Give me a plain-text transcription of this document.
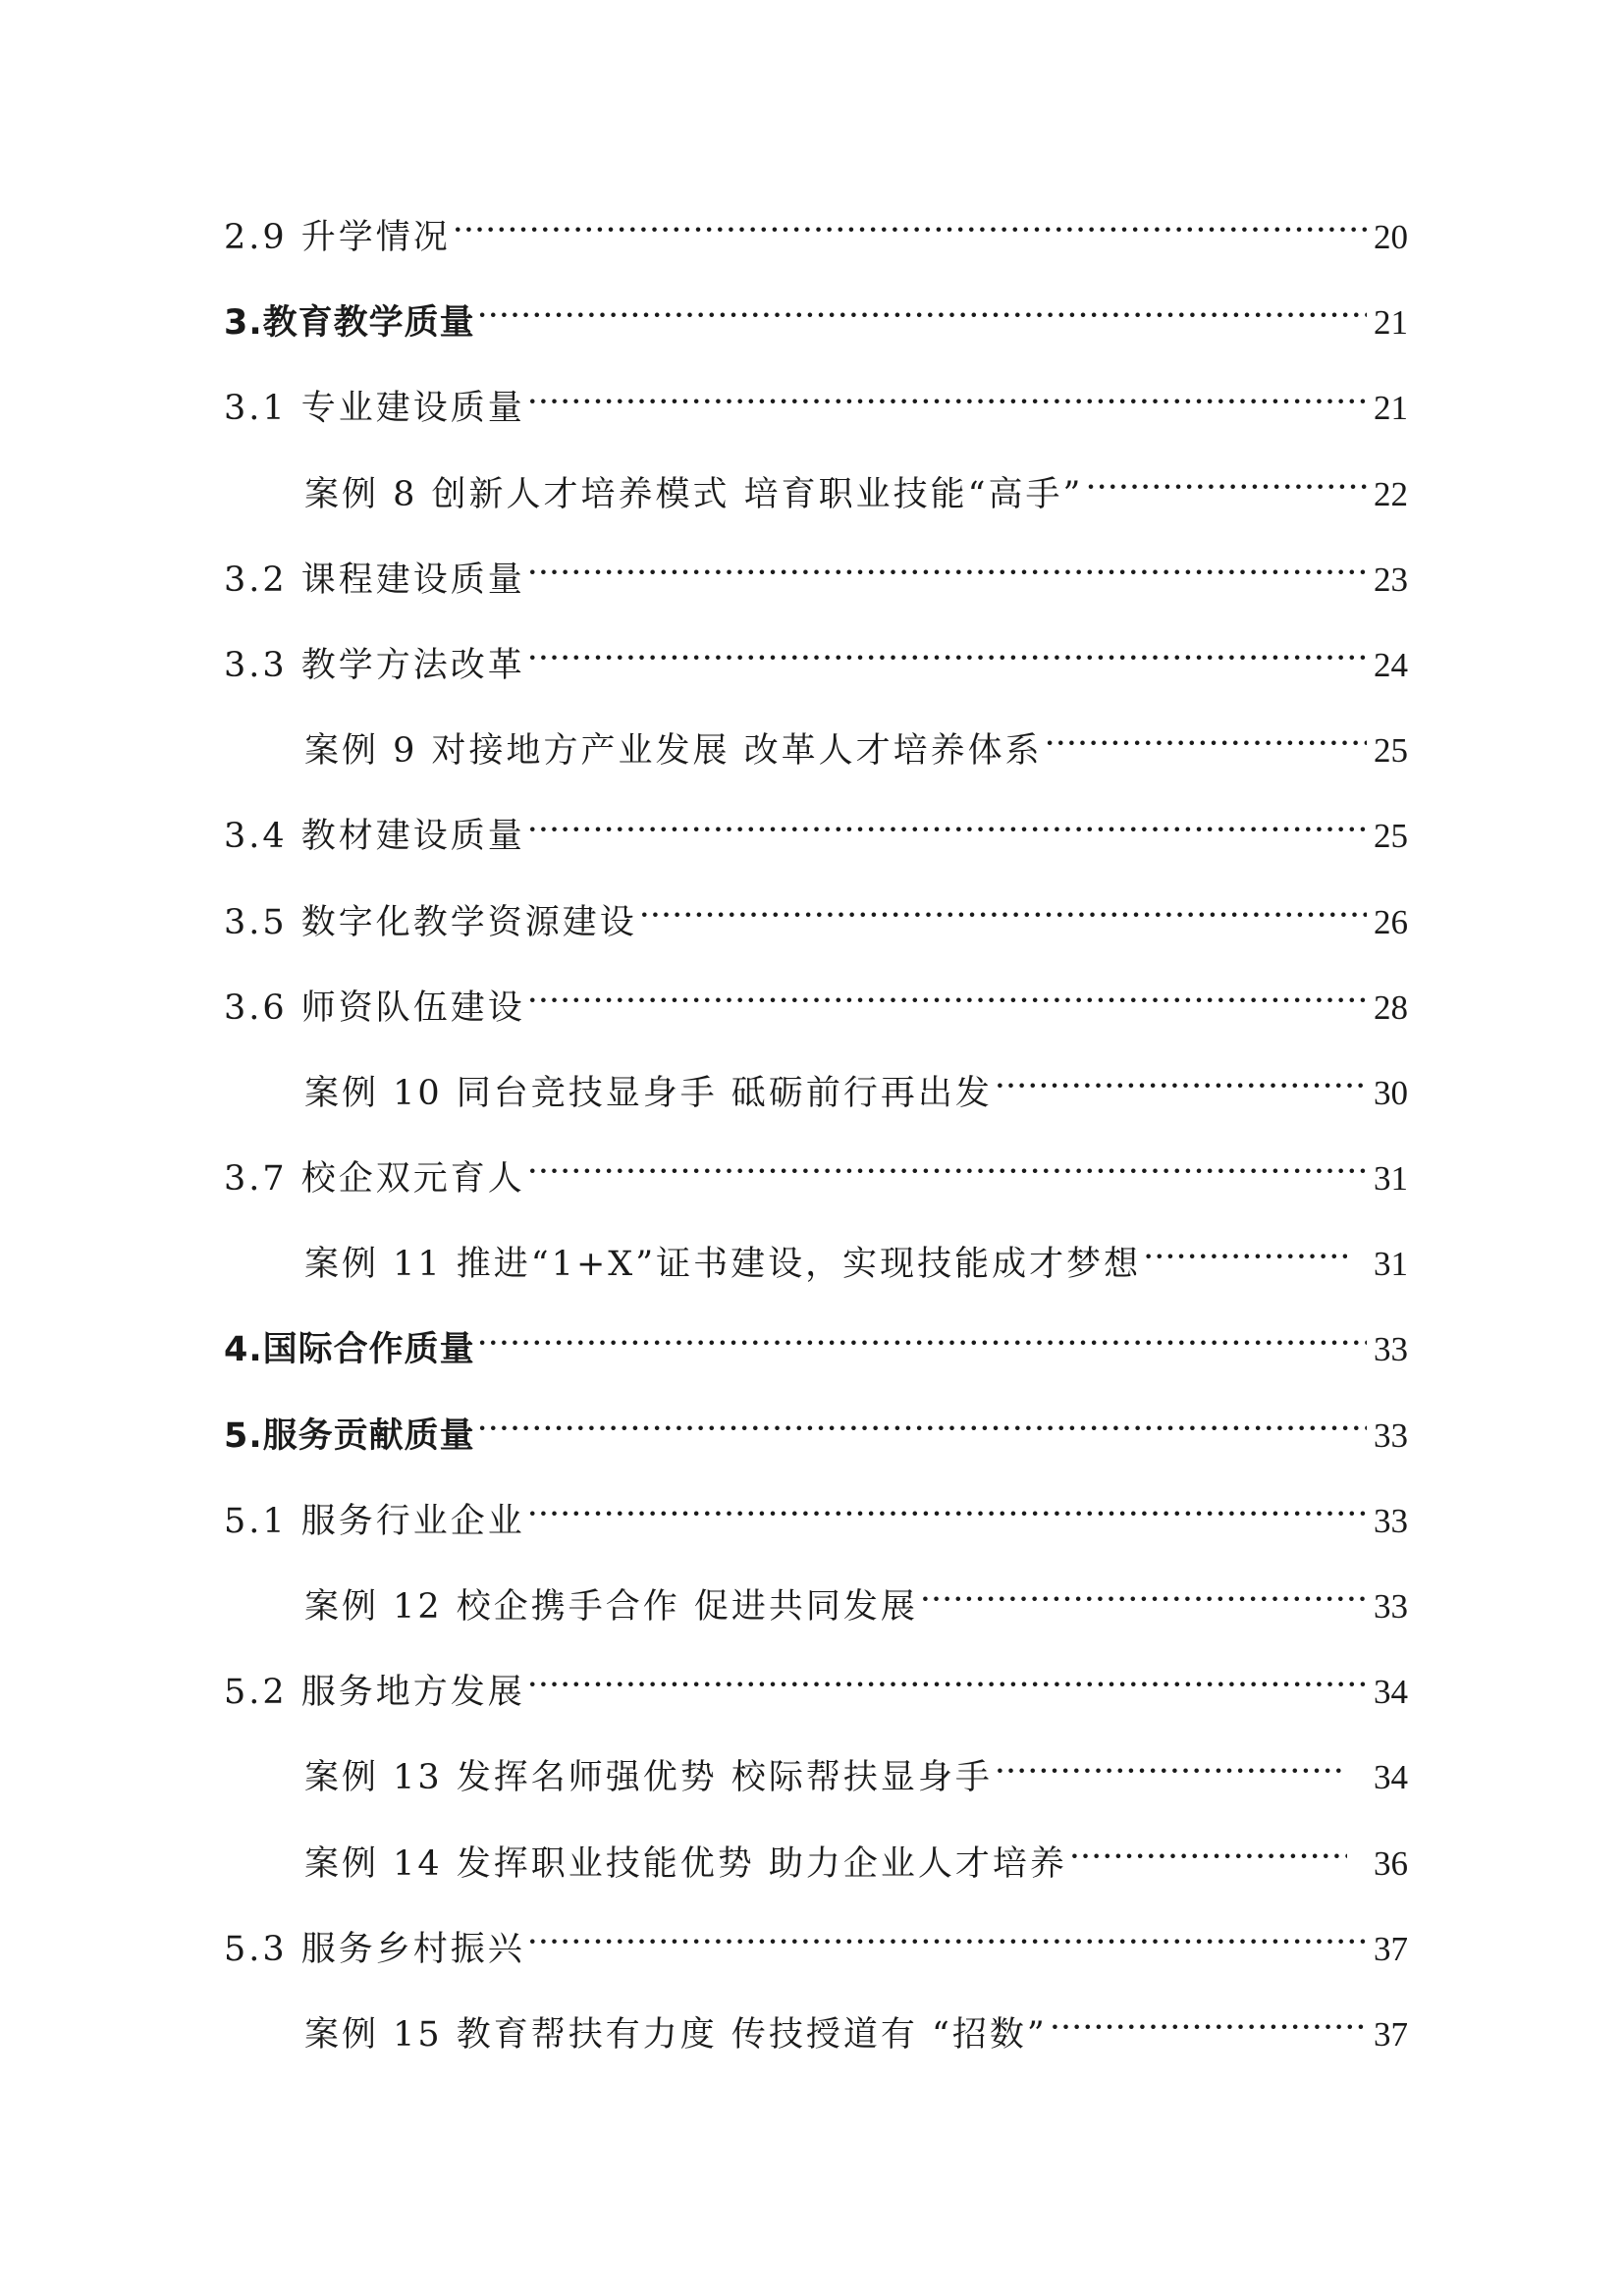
2.9 升学情况 ·····	20
3.教育教学质量 ·····	21
3.1 专业建设质量 ·····	21
案例 8 创新人才培养模式 培育职业技能“高手” ·····	22
3.2 课程建设质量 ·····	23
3.3 教学方法改革 ·····	24
案例 9 对接地方产业发展 改革人才培养体系 ·····	25
3.4 教材建设质量 ·····	25
3.5 数字化教学资源建设 ·····	26
3.6 师资队伍建设 ·····	28
案例 10 同台竞技显身手 砥砺前行再出发 ·····	30
3.7 校企双元育人 ·····	31
案例 11 推进“1+X”证书建设，实现技能成才梦想 ·····	31
4.国际合作质量 ·····	33
5.服务贡献质量 ·····	33
5.1 服务行业企业 ·····	33
案例 12 校企携手合作 促进共同发展 ·····	33
5.2 服务地方发展 ·····	34
案例 13 发挥名师强优势 校际帮扶显身手 ·····	34
案例 14 发挥职业技能优势 助力企业人才培养 ·····	36
5.3 服务乡村振兴 ·····	37
案例 15 教育帮扶有力度 传技授道有 “招数” ·····	37
